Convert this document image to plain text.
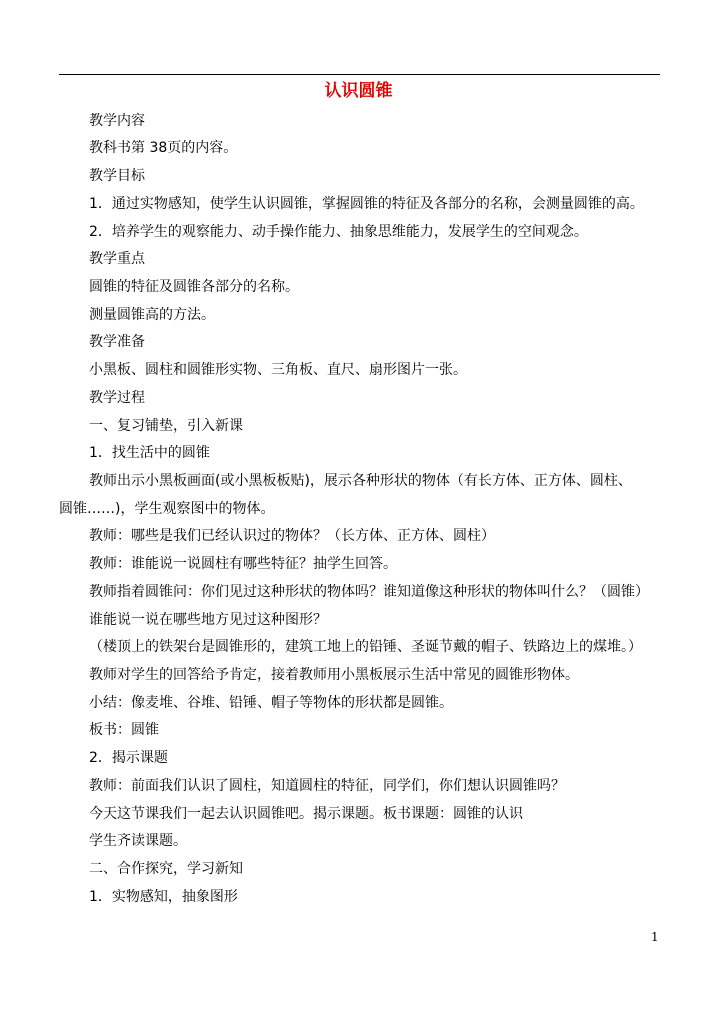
认识圆锥
教学内容
教科书第 38页的内容。
教学目标
1．通过实物感知，使学生认识圆锥，掌握圆锥的特征及各部分的名称，会测量圆锥的高。
2．培养学生的观察能力、动手操作能力、抽象思维能力，发展学生的空间观念。
教学重点
圆锥的特征及圆锥各部分的名称。
测量圆锥高的方法。
教学准备
小黑板、圆柱和圆锥形实物、三角板、直尺、扇形图片一张。
教学过程
一、复习铺垫，引入新课
1．找生活中的圆锥
教师出示小黑板画面(或小黑板板贴)，展示各种形状的物体（有长方体、正方体、圆柱、
圆锥……)，学生观察图中的物体。
教师：哪些是我们已经认识过的物体？（长方体、正方体、圆柱）
教师：谁能说一说圆柱有哪些特征？抽学生回答。
教师指着圆锥问：你们见过这种形状的物体吗？谁知道像这种形状的物体叫什么？（圆锥）
谁能说一说在哪些地方见过这种图形？
（楼顶上的铁架台是圆锥形的，建筑工地上的铅锤、圣诞节戴的帽子、铁路边上的煤堆。）
教师对学生的回答给予肯定，接着教师用小黑板展示生活中常见的圆锥形物体。
小结：像麦堆、谷堆、铅锤、帽子等物体的形状都是圆锥。
板书：圆锥
2．揭示课题
教师：前面我们认识了圆柱，知道圆柱的特征，同学们，你们想认识圆锥吗？
今天这节课我们一起去认识圆锥吧。揭示课题。板书课题：圆锥的认识
学生齐读课题。
二、合作探究，学习新知
1．实物感知，抽象图形
1
